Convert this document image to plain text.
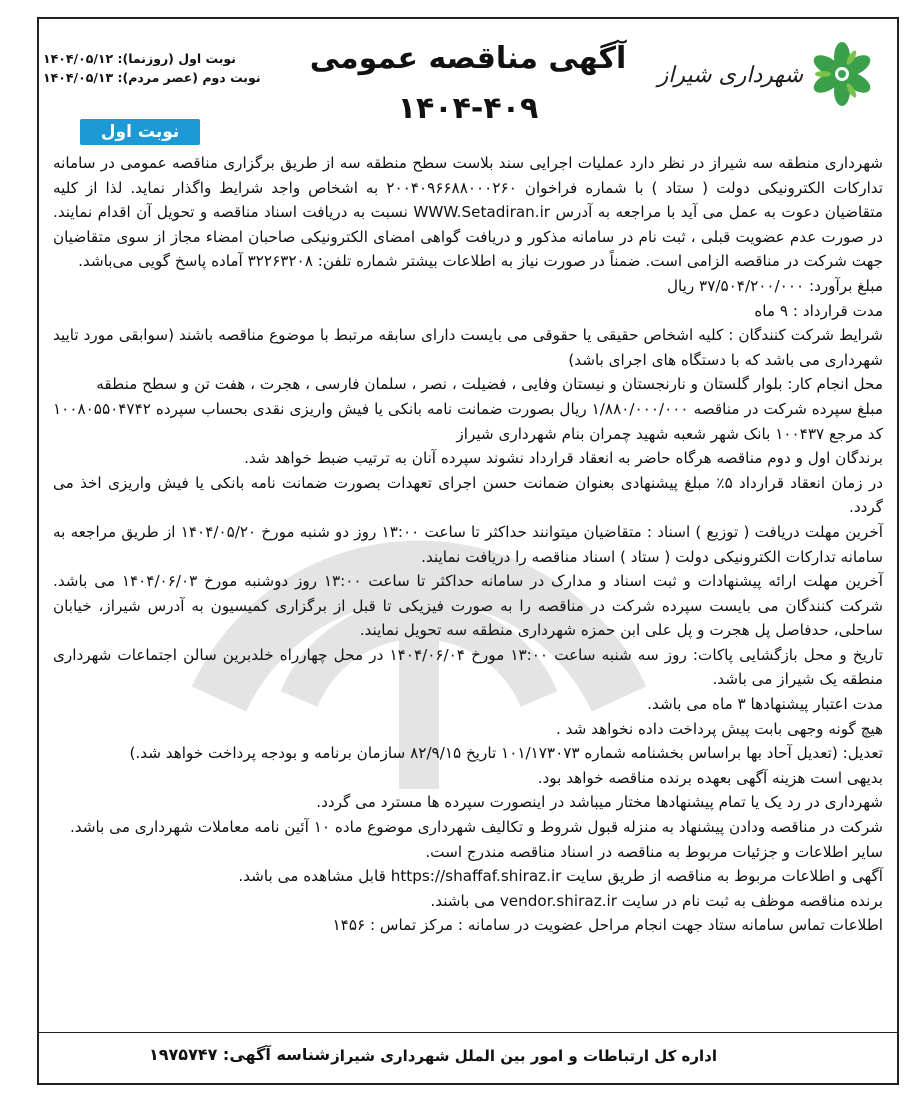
شهرداری شیراز
آگهی مناقصه عمومی
۱۴۰۴-۴۰۹
نوبت اول (روزنما): ۱۴۰۴/۰۵/۱۲
نوبت دوم (عصر مردم): ۱۴۰۴/۰۵/۱۳
نوبت اول

شهرداری منطقه سه شیراز در نظر دارد عملیات اجرایی سند بلاست سطح منطقه سه از طریق برگزاری مناقصه عمومی در سامانه تدارکات الکترونیکی دولت ( ستاد ) با شماره فراخوان ۲۰۰۴۰۹۶۶۸۸۰۰۰۲۶۰ به اشخاص واجد شرایط واگذار نماید. لذا از کلیه متقاضیان دعوت به عمل می آید با مراجعه به آدرس WWW.Setadiran.ir نسبت به دریافت اسناد مناقصه و تحویل آن اقدام نمایند. در صورت عدم عضویت قبلی ، ثبت نام در سامانه مذکور و دریافت گواهی امضای الکترونیکی صاحبان امضاء مجاز از سوی متقاضیان جهت شرکت در مناقصه الزامی است. ضمناً در صورت نیاز به اطلاعات بیشتر شماره تلفن: ۳۲۲۶۳۲۰۸ آماده پاسخ گویی می‌باشد.

مبلغ برآورد: ۳۷/۵۰۴/۲۰۰/۰۰۰ ریال

مدت قرارداد : ۹ ماه

شرایط شرکت کنندگان : کلیه اشخاص حقیقی یا حقوقی می بایست دارای سابقه مرتبط با موضوع مناقصه باشند (سوابقی مورد تایید شهرداری می باشد که با دستگاه های اجرای باشد)

محل انجام کار: بلوار گلستان و نارنجستان و نیستان وفایی ، فضیلت ، نصر ، سلمان فارسی ، هجرت ، هفت تن و سطح منطقه

مبلغ سپرده شرکت در مناقصه ۱/۸۸۰/۰۰۰/۰۰۰ ریال بصورت ضمانت نامه بانکی یا فیش واریزی نقدی بحساب سپرده ۱۰۰۸۰۵۵۰۴۷۴۲ کد مرجع ۱۰۰۴۳۷ بانک شهر شعبه شهید چمران بنام شهرداری شیراز

برندگان اول و دوم مناقصه هرگاه حاضر به انعقاد قرارداد نشوند سپرده آنان به ترتیب ضبط خواهد شد.

در زمان انعقاد قرارداد ۵٪ مبلغ پیشنهادی بعنوان ضمانت حسن اجرای تعهدات بصورت ضمانت نامه بانکی یا فیش واریزی اخذ می گردد.

آخرین مهلت دریافت ( توزیع ) اسناد : متقاضیان میتوانند حداکثر تا ساعت ۱۳:۰۰ روز دو شنبه مورخ ۱۴۰۴/۰۵/۲۰ از طریق مراجعه به سامانه تدارکات الکترونیکی دولت ( ستاد ) اسناد مناقصه را دریافت نمایند.

آخرین مهلت ارائه پیشنهادات و ثبت اسناد و مدارک در سامانه حداکثر تا ساعت ۱۳:۰۰ روز دوشنبه مورخ ۱۴۰۴/۰۶/۰۳ می باشد. شرکت کنندگان می بایست سپرده شرکت در مناقصه را به صورت فیزیکی تا قبل از برگزاری کمیسیون به آدرس شیراز، خیابان ساحلی، حدفاصل پل هجرت و پل علی ابن حمزه شهرداری منطقه سه تحویل نمایند.

تاریخ و محل بازگشایی پاکات: روز سه شنبه ساعت ۱۳:۰۰ مورخ ۱۴۰۴/۰۶/۰۴ در محل چهارراه خلدبرین سالن اجتماعات شهرداری منطقه یک شیراز می باشد.

مدت اعتبار پیشنهادها ۳ ماه می باشد.

هیچ گونه وجهی بابت پیش پرداخت داده نخواهد شد .

تعدیل: (تعدیل آحاد بها براساس بخشنامه شماره ۱۰۱/۱۷۳۰۷۳ تاریخ ۸۲/۹/۱۵ سازمان برنامه و بودجه پرداخت خواهد شد.)

بدیهی است هزینه آگهی بعهده برنده مناقصه خواهد بود.

شهرداری در رد یک یا تمام پیشنهادها مختار میباشد در اینصورت سپرده ها مسترد می گردد.

شرکت در مناقصه ودادن پیشنهاد به منزله قبول شروط و تکالیف شهرداری موضوع ماده ۱۰ آئین نامه معاملات شهرداری می باشد.

سایر اطلاعات و جزئیات مربوط به مناقصه در اسناد مناقصه مندرج است.

آگهی و اطلاعات مربوط به مناقصه از طریق سایت https://shaffaf.shiraz.ir قابل مشاهده می باشد.

برنده مناقصه موظف به ثبت نام در سایت vendor.shiraz.ir می باشند.

اطلاعات تماس سامانه ستاد جهت انجام مراحل عضویت در سامانه : مرکز تماس : ۱۴۵۶

اداره کل ارتباطات و امور بین الملل شهرداری شیراز
شناسه آگهی: ۱۹۷۵۷۴۷
